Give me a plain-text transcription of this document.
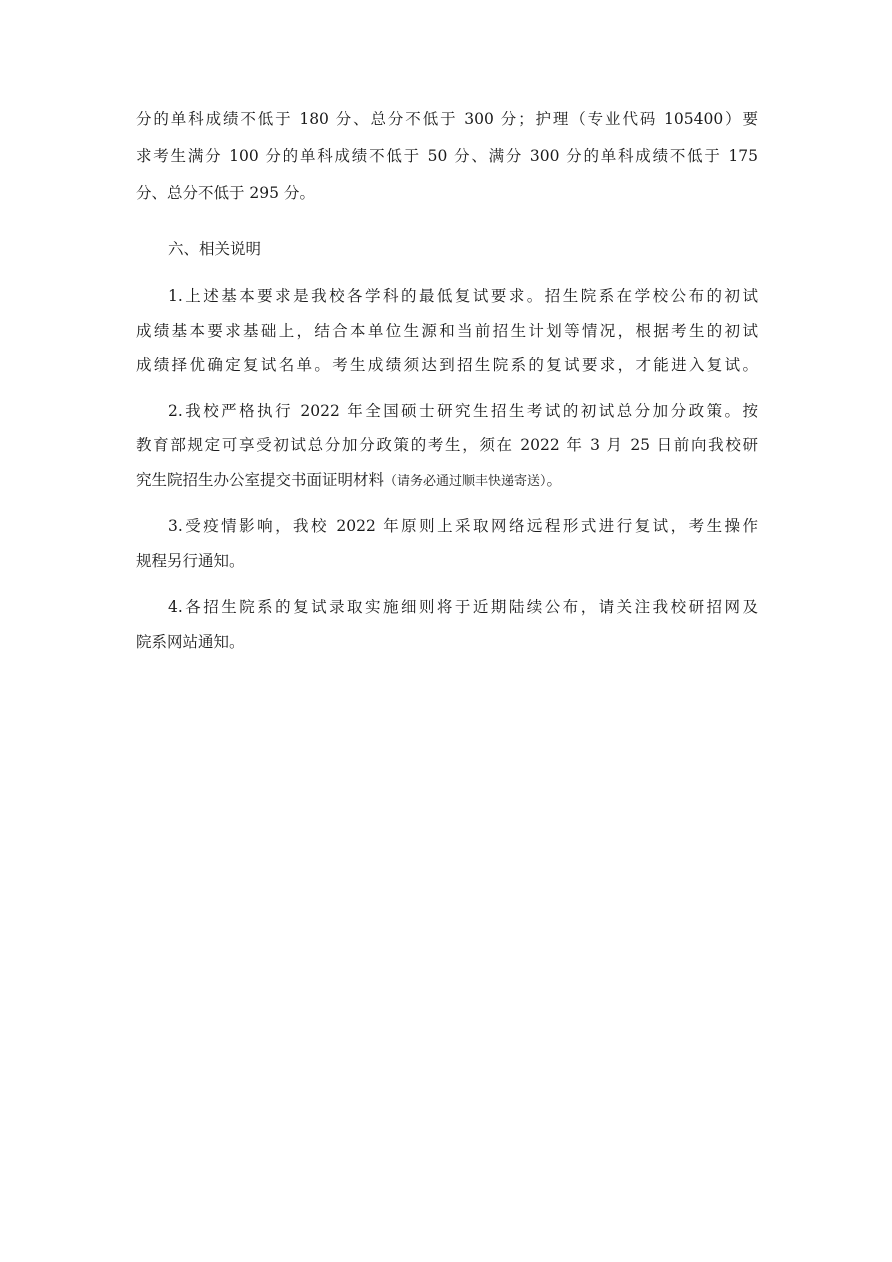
分的单科成绩不低于 180 分、总分不低于 300 分；护理（专业代码 105400）要
求考生满分 100 分的单科成绩不低于 50 分、满分 300 分的单科成绩不低于 175
分、总分不低于 295 分。
六、相关说明
1.上述基本要求是我校各学科的最低复试要求。招生院系在学校公布的初试
成绩基本要求基础上，结合本单位生源和当前招生计划等情况，根据考生的初试
成绩择优确定复试名单。考生成绩须达到招生院系的复试要求，才能进入复试。
2.我校严格执行 2022 年全国硕士研究生招生考试的初试总分加分政策。按
教育部规定可享受初试总分加分政策的考生，须在 2022 年 3 月 25 日前向我校研
究生院招生办公室提交书面证明材料（请务必通过顺丰快递寄送）。
3.受疫情影响，我校 2022 年原则上采取网络远程形式进行复试，考生操作
规程另行通知。
4.各招生院系的复试录取实施细则将于近期陆续公布，请关注我校研招网及
院系网站通知。
